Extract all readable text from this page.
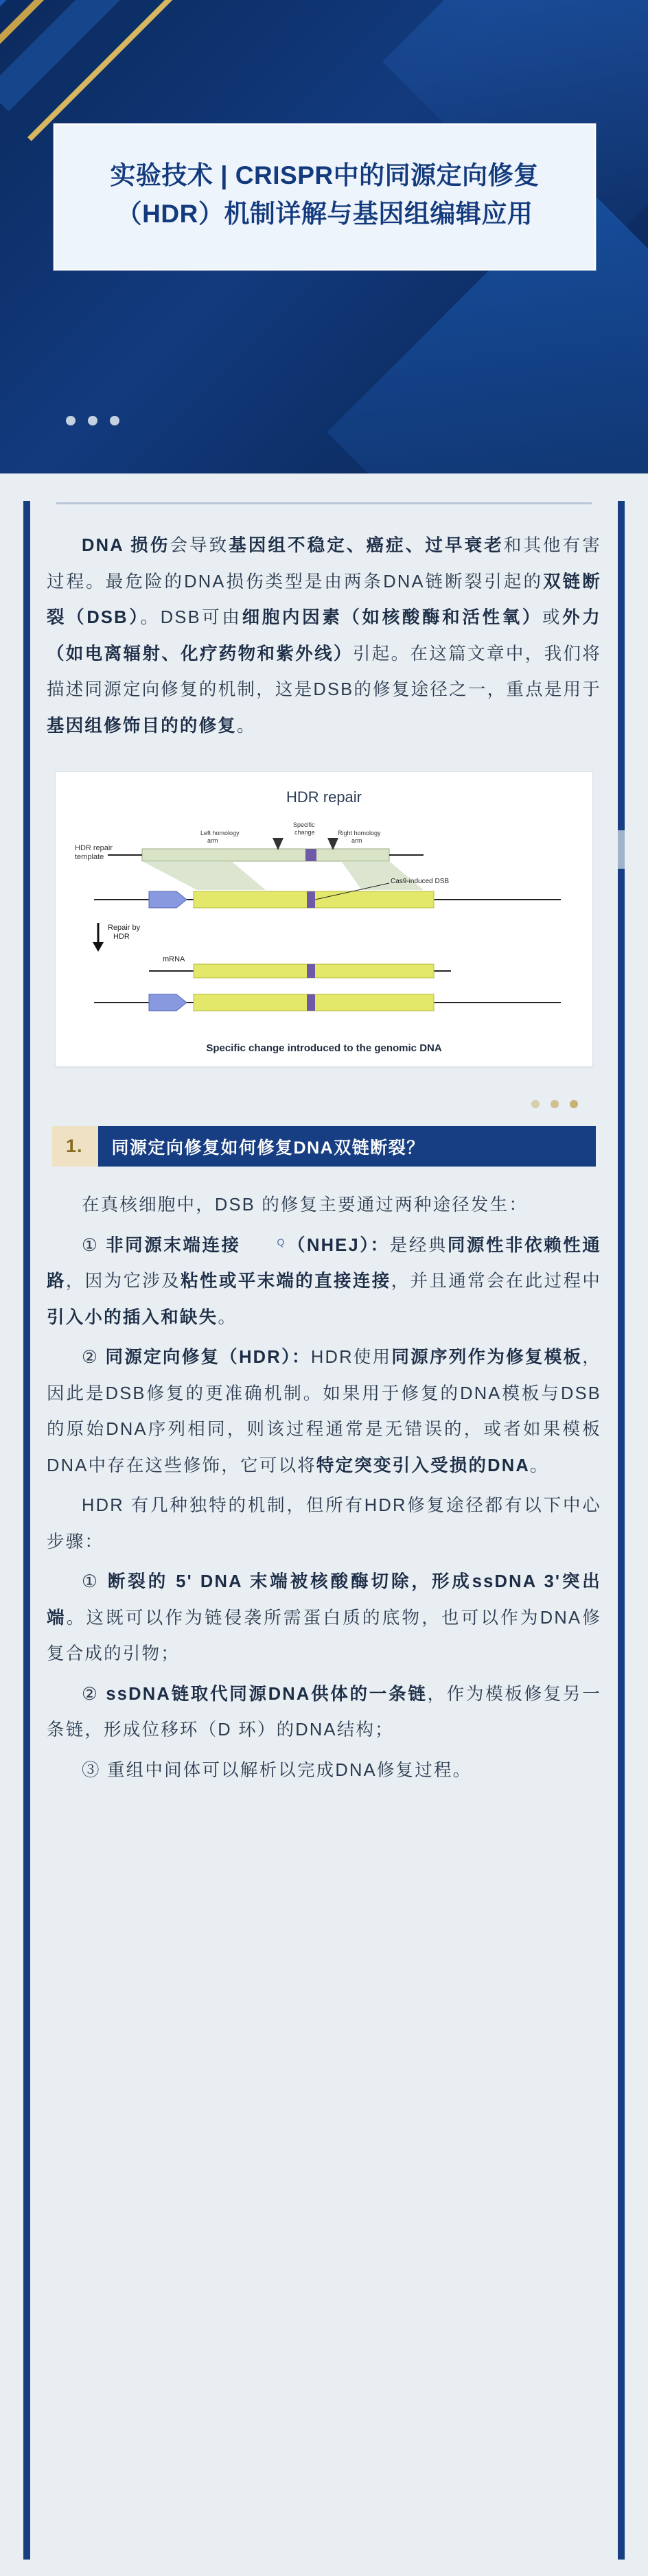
实验技术 | CRISPR中的同源定向修复（HDR）机制详解与基因组编辑应用

DNA 损伤会导致基因组不稳定、癌症、过早衰老和其他有害过程。最危险的DNA损伤类型是由两条DNA链断裂引起的双链断裂（DSB）。DSB可由细胞内因素（如核酸酶和活性氧）或外力（如电离辐射、化疗药物和紫外线）引起。在这篇文章中，我们将描述同源定向修复的机制，这是DSB的修复途径之一，重点是用于基因组修饰目的的修复。

HDR repair
HDR repair
template
Left homology
arm
Specific
change	Right homology
arm
Cas9-induced DSB
Repair by
HDR
mRNA
Specific change introduced to the genomic DNA
1.	同源定向修复如何修复DNA双链断裂？

在真核细胞中，DSB 的修复主要通过两种途径发生：

① 非同源末端连接	Q（NHEJ）：是经典同源性非依赖性通路，因为它涉及粘性或平末端的直接连接，并且通常会在此过程中引入小的插入和缺失。

② 同源定向修复（HDR）：HDR使用同源序列作为修复模板，因此是DSB修复的更准确机制。如果用于修复的DNA模板与DSB的原始DNA序列相同，则该过程通常是无错误的，或者如果模板DNA中存在这些修饰，它可以将特定突变引入受损的DNA。

HDR 有几种独特的机制，但所有HDR修复途径都有以下中心步骤：

① 断裂的 5' DNA 末端被核酸酶切除，形成ssDNA 3'突出端。这既可以作为链侵袭所需蛋白质的底物，也可以作为DNA修复合成的引物；

② ssDNA链取代同源DNA供体的一条链，作为模板修复另一条链，形成位移环（D 环）的DNA结构；

③ 重组中间体可以解析以完成DNA修复过程。
